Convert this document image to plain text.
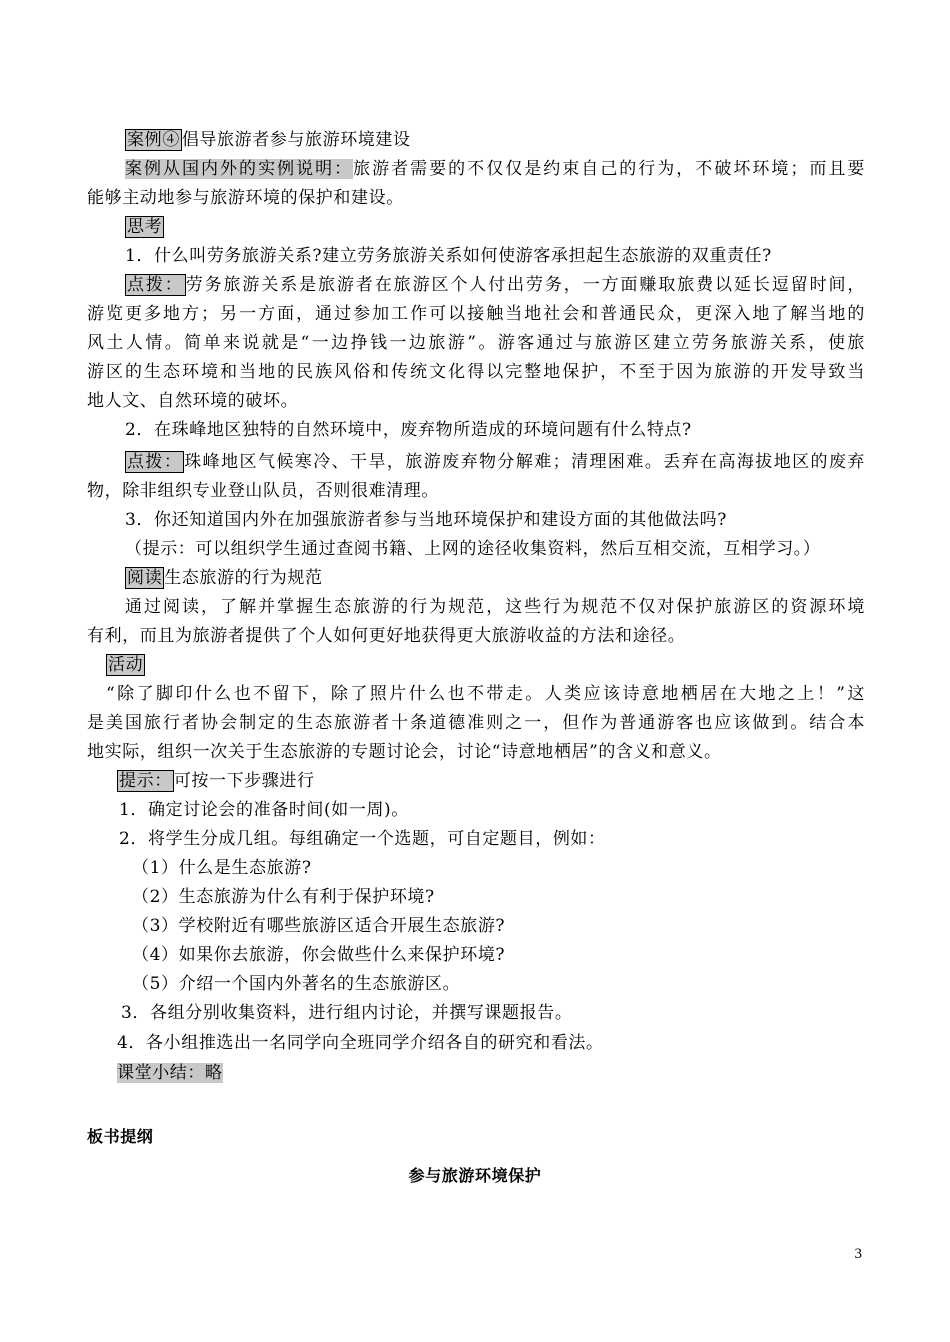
案例④ 倡导旅游者参与旅游环境建设
案例从国内外的实例说明：旅游者需要的不仅仅是约束自己的行为，不破坏环境；而且要
能够主动地参与旅游环境的保护和建设。
思考
1．什么叫劳务旅游关系?建立劳务旅游关系如何使游客承担起生态旅游的双重责任?
点拨： 劳务旅游关系是旅游者在旅游区个人付出劳务，一方面赚取旅费以延长逗留时间，
游览更多地方；另一方面，通过参加工作可以接触当地社会和普通民众，更深入地了解当地的
风土人情。简单来说就是“一边挣钱一边旅游”。游客通过与旅游区建立劳务旅游关系，使旅
游区的生态环境和当地的民族风俗和传统文化得以完整地保护，不至于因为旅游的开发导致当
地人文、自然环境的破坏。
2．在珠峰地区独特的自然环境中，废弃物所造成的环境问题有什么特点?
点拨： 珠峰地区气候寒冷、干旱，旅游废弃物分解难；清理困难。丢弃在高海拔地区的废弃
物，除非组织专业登山队员，否则很难清理。
3．你还知道国内外在加强旅游者参与当地环境保护和建设方面的其他做法吗?
（提示：可以组织学生通过查阅书籍、上网的途径收集资料，然后互相交流，互相学习。）
阅读 生态旅游的行为规范
通过阅读，了解并掌握生态旅游的行为规范，这些行为规范不仅对保护旅游区的资源环境
有利，而且为旅游者提供了个人如何更好地获得更大旅游收益的方法和途径。
活动
“除了脚印什么也不留下，除了照片什么也不带走。人类应该诗意地栖居在大地之上！”这
是美国旅行者协会制定的生态旅游者十条道德准则之一，但作为普通游客也应该做到。结合本
地实际，组织一次关于生态旅游的专题讨论会，讨论“诗意地栖居”的含义和意义。
提示： 可按一下步骤进行
1．确定讨论会的准备时间(如一周)。
2．将学生分成几组。每组确定一个选题，可自定题目，例如：
（1）什么是生态旅游?
（2）生态旅游为什么有利于保护环境?
（3）学校附近有哪些旅游区适合开展生态旅游?
（4）如果你去旅游，你会做些什么来保护环境?
（5）介绍一个国内外著名的生态旅游区。
3．各组分别收集资料，进行组内讨论，并撰写课题报告。
4．各小组推选出一名同学向全班同学介绍各自的研究和看法。
课堂小结：略
板书提纲
参与旅游环境保护
3
